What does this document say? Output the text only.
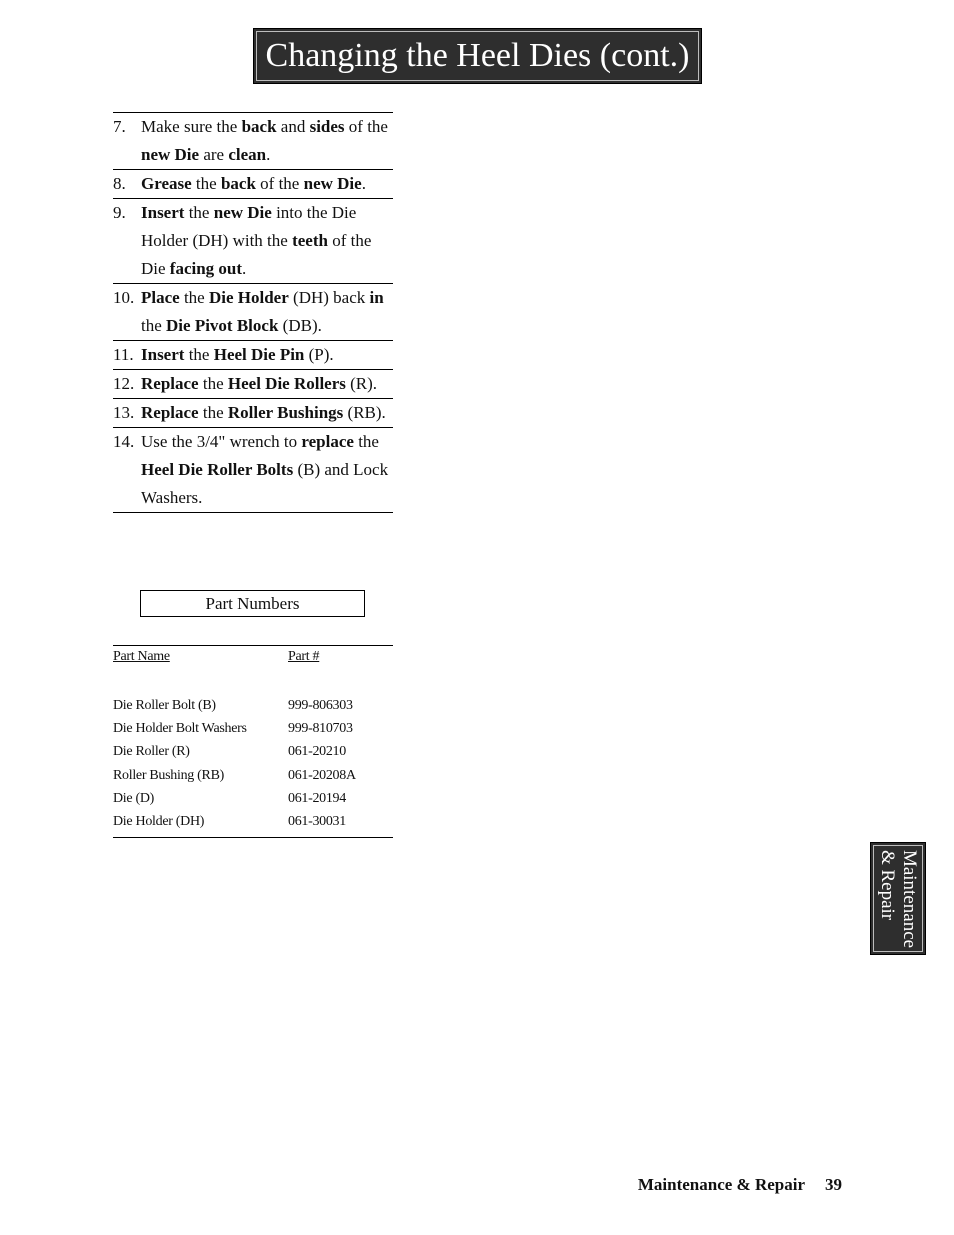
Changing the Heel Dies (cont.)
7. Make sure the back and sides of the new Die are clean.
8. Grease the back of the new Die.
9. Insert the new Die into the Die Holder (DH) with the teeth of the Die facing out.
10. Place the Die Holder (DH) back in the Die Pivot Block (DB).
11. Insert the Heel Die Pin (P).
12. Replace the Heel Die Rollers (R).
13. Replace the Roller Bushings (RB).
14. Use the 3/4" wrench to replace the Heel Die Roller Bolts (B) and Lock Washers.
Part Numbers
Part Name	Part #
Die Roller Bolt (B)	999-806303
Die Holder Bolt Washers	999-810703
Die Roller (R)	061-20210
Roller Bushing (RB)	061-20208A
Die (D)	061-20194
Die Holder (DH)	061-30031
Maintenance
& Repair
Maintenance & Repair 39
